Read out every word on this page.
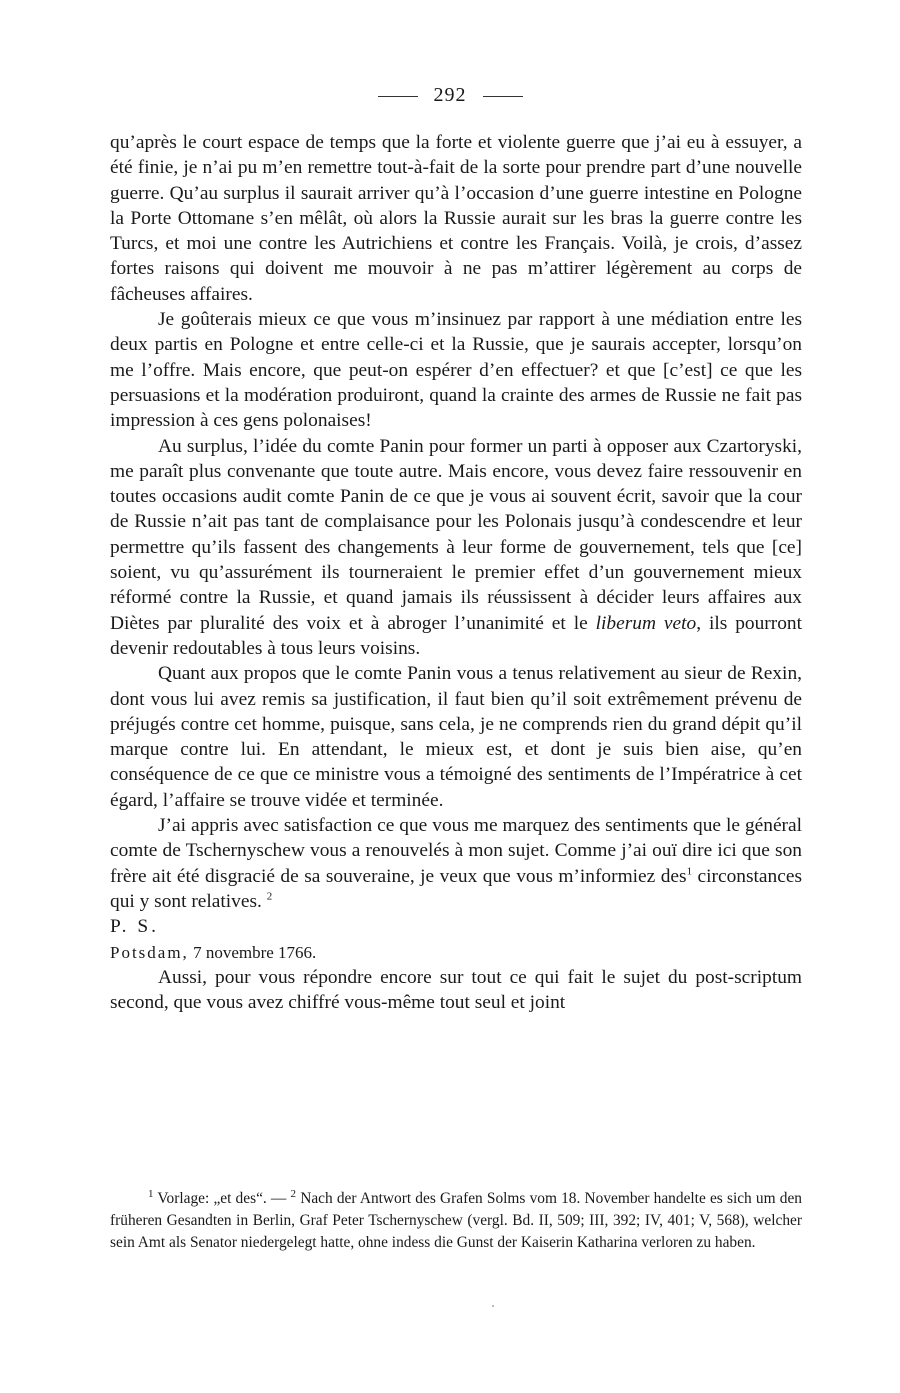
292

qu’après le court espace de temps que la forte et violente guerre que j’ai eu à essuyer, a été finie, je n’ai pu m’en remettre tout-à-fait de la sorte pour prendre part d’une nouvelle guerre. Qu’au surplus il saurait arriver qu’à l’occasion d’une guerre intestine en Pologne la Porte Ottomane s’en mêlât, où alors la Russie aurait sur les bras la guerre contre les Turcs, et moi une contre les Autrichiens et contre les Français. Voilà, je crois, d’assez fortes raisons qui doivent me mouvoir à ne pas m’attirer légèrement au corps de fâcheuses affaires.

Je goûterais mieux ce que vous m’insinuez par rapport à une médiation entre les deux partis en Pologne et entre celle-ci et la Russie, que je saurais accepter, lorsqu’on me l’offre. Mais encore, que peut-on espérer d’en effectuer? et que [c’est] ce que les persuasions et la modération produiront, quand la crainte des armes de Russie ne fait pas impression à ces gens polonaises!

Au surplus, l’idée du comte Panin pour former un parti à opposer aux Czartoryski, me paraît plus convenante que toute autre. Mais encore, vous devez faire ressouvenir en toutes occasions audit comte Panin de ce que je vous ai souvent écrit, savoir que la cour de Russie n’ait pas tant de complaisance pour les Polonais jusqu’à condescendre et leur permettre qu’ils fassent des changements à leur forme de gouvernement, tels que [ce] soient, vu qu’assurément ils tourneraient le premier effet d’un gouvernement mieux réformé contre la Russie, et quand jamais ils réussissent à décider leurs affaires aux Diètes par pluralité des voix et à abroger l’unanimité et le liberum veto, ils pourront devenir redoutables à tous leurs voisins.

Quant aux propos que le comte Panin vous a tenus relativement au sieur de Rexin, dont vous lui avez remis sa justification, il faut bien qu’il soit extrêmement prévenu de préjugés contre cet homme, puisque, sans cela, je ne comprends rien du grand dépit qu’il marque contre lui. En attendant, le mieux est, et dont je suis bien aise, qu’en conséquence de ce que ce ministre vous a témoigné des sentiments de l’Impératrice à cet égard, l’affaire se trouve vidée et terminée.

J’ai appris avec satisfaction ce que vous me marquez des sentiments que le général comte de Tschernyschew vous a renouvelés à mon sujet. Comme j’ai ouï dire ici que son frère ait été disgracié de sa souveraine, je veux que vous m’informiez des$^1$ circonstances qui y sont relatives. $^2$

P. S.

Potsdam, 7 novembre 1766.

Aussi, pour vous répondre encore sur tout ce qui fait le sujet du post-scriptum second, que vous avez chiffré vous-même tout seul et joint

$^1$ Vorlage: „et des“. — $^2$ Nach der Antwort des Grafen Solms vom 18. November handelte es sich um den früheren Gesandten in Berlin, Graf Peter Tschernyschew (vergl. Bd. II, 509; III, 392; IV, 401; V, 568), welcher sein Amt als Senator niedergelegt hatte, ohne indess die Gunst der Kaiserin Katharina verloren zu haben.
